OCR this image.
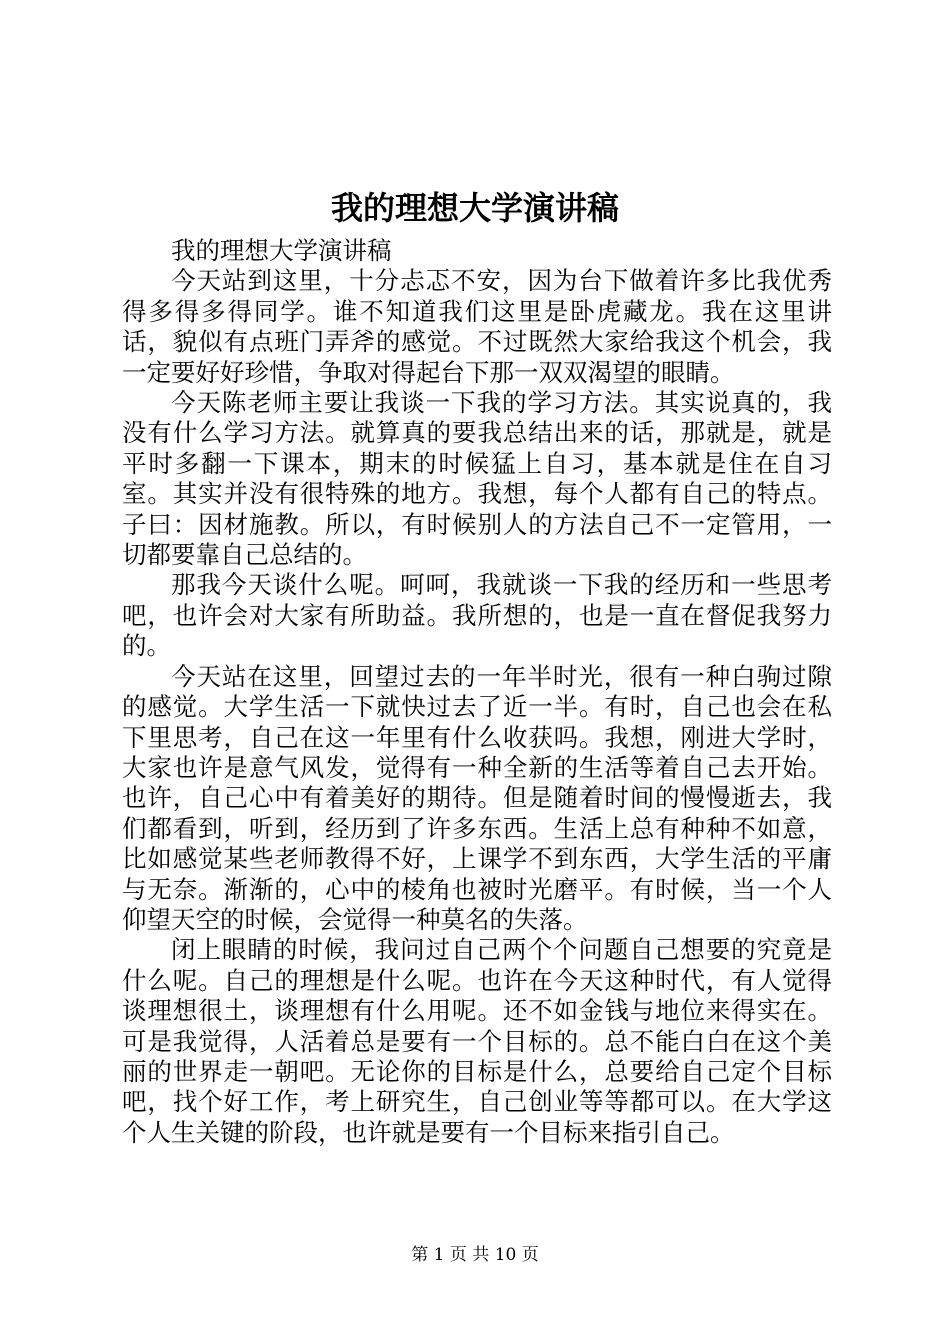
我的理想大学演讲稿

我的理想大学演讲稿

今天站到这里，十分忐忑不安，因为台下做着许多比我优秀得多得多得同学。谁不知道我们这里是卧虎藏龙。我在这里讲话，貌似有点班门弄斧的感觉。不过既然大家给我这个机会，我一定要好好珍惜，争取对得起台下那一双双渴望的眼睛。

今天陈老师主要让我谈一下我的学习方法。其实说真的，我没有什么学习方法。就算真的要我总结出来的话，那就是，就是平时多翻一下课本，期末的时候猛上自习，基本就是住在自习室。其实并没有很特殊的地方。我想，每个人都有自己的特点。子曰：因材施教。所以，有时候别人的方法自己不一定管用，一切都要靠自己总结的。

那我今天谈什么呢。呵呵，我就谈一下我的经历和一些思考吧，也许会对大家有所助益。我所想的，也是一直在督促我努力的。

今天站在这里，回望过去的一年半时光，很有一种白驹过隙的感觉。大学生活一下就快过去了近一半。有时，自己也会在私下里思考，自己在这一年里有什么收获吗。我想，刚进大学时，大家也许是意气风发，觉得有一种全新的生活等着自己去开始。也许，自己心中有着美好的期待。但是随着时间的慢慢逝去，我们都看到，听到，经历到了许多东西。生活上总有种种不如意，比如感觉某些老师教得不好，上课学不到东西，大学生活的平庸与无奈。渐渐的，心中的棱角也被时光磨平。有时候，当一个人仰望天空的时候，会觉得一种莫名的失落。

闭上眼睛的时候，我问过自己两个个问题自己想要的究竟是什么呢。自己的理想是什么呢。也许在今天这种时代，有人觉得谈理想很土，谈理想有什么用呢。还不如金钱与地位来得实在。可是我觉得，人活着总是要有一个目标的。总不能白白在这个美丽的世界走一朝吧。无论你的目标是什么，总要给自己定个目标吧，找个好工作，考上研究生，自己创业等等都可以。在大学这个人生关键的阶段，也许就是要有一个目标来指引自己。

第 1 页 共 10 页
